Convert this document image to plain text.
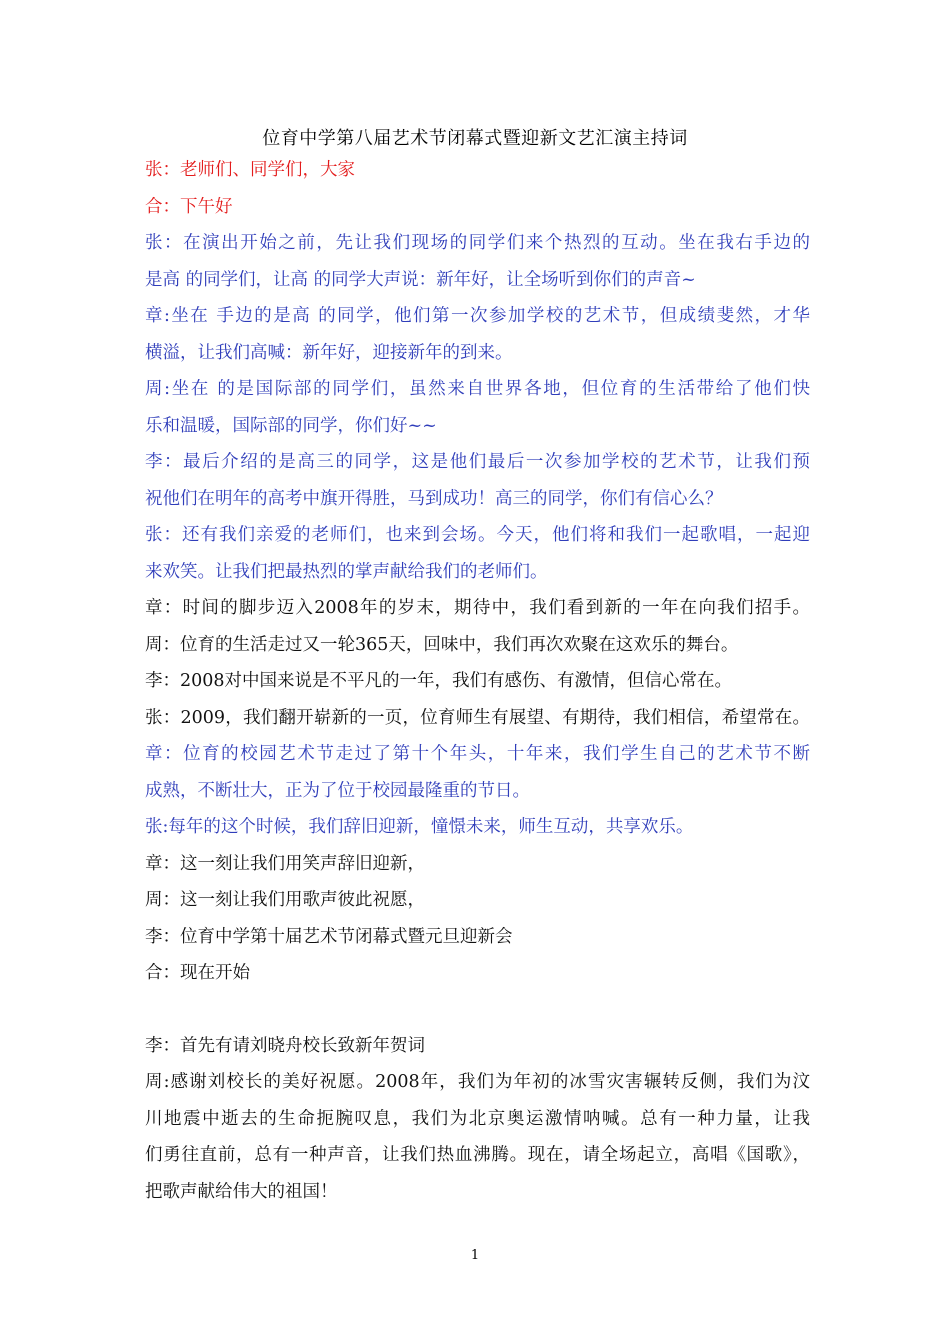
位育中学第八届艺术节闭幕式暨迎新文艺汇演主持词
张：老师们、同学们，大家
合：下午好
张：在演出开始之前，先让我们现场的同学们来个热烈的互动。坐在我右手边的
是高 的同学们，让高 的同学大声说：新年好，让全场听到你们的声音~
章:坐在 手边的是高 的同学，他们第一次参加学校的艺术节，但成绩斐然，才华
横溢，让我们高喊：新年好，迎接新年的到来。
周:坐在 的是国际部的同学们，虽然来自世界各地，但位育的生活带给了他们快
乐和温暖，国际部的同学，你们好~~
李：最后介绍的是高三的同学，这是他们最后一次参加学校的艺术节，让我们预
祝他们在明年的高考中旗开得胜，马到成功！高三的同学，你们有信心么？
张：还有我们亲爱的老师们，也来到会场。今天，他们将和我们一起歌唱，一起迎
来欢笑。让我们把最热烈的掌声献给我们的老师们。
章：时间的脚步迈入2008年的岁末，期待中，我们看到新的一年在向我们招手。
周：位育的生活走过又一轮365天，回味中，我们再次欢聚在这欢乐的舞台。
李：2008对中国来说是不平凡的一年，我们有感伤、有激情，但信心常在。
张：2009，我们翻开崭新的一页，位育师生有展望、有期待，我们相信，希望常在。
章：位育的校园艺术节走过了第十个年头，十年来，我们学生自己的艺术节不断
成熟，不断壮大，正为了位于校园最隆重的节日。
张:每年的这个时候，我们辞旧迎新，憧憬未来，师生互动，共享欢乐。
章：这一刻让我们用笑声辞旧迎新，
周：这一刻让我们用歌声彼此祝愿，
李：位育中学第十届艺术节闭幕式暨元旦迎新会
合：现在开始
李：首先有请刘晓舟校长致新年贺词
周:感谢刘校长的美好祝愿。2008年，我们为年初的冰雪灾害辗转反侧，我们为汶
川地震中逝去的生命扼腕叹息，我们为北京奥运激情呐喊。总有一种力量，让我
们勇往直前，总有一种声音，让我们热血沸腾。现在，请全场起立，高唱《国歌》，
把歌声献给伟大的祖国！
1
